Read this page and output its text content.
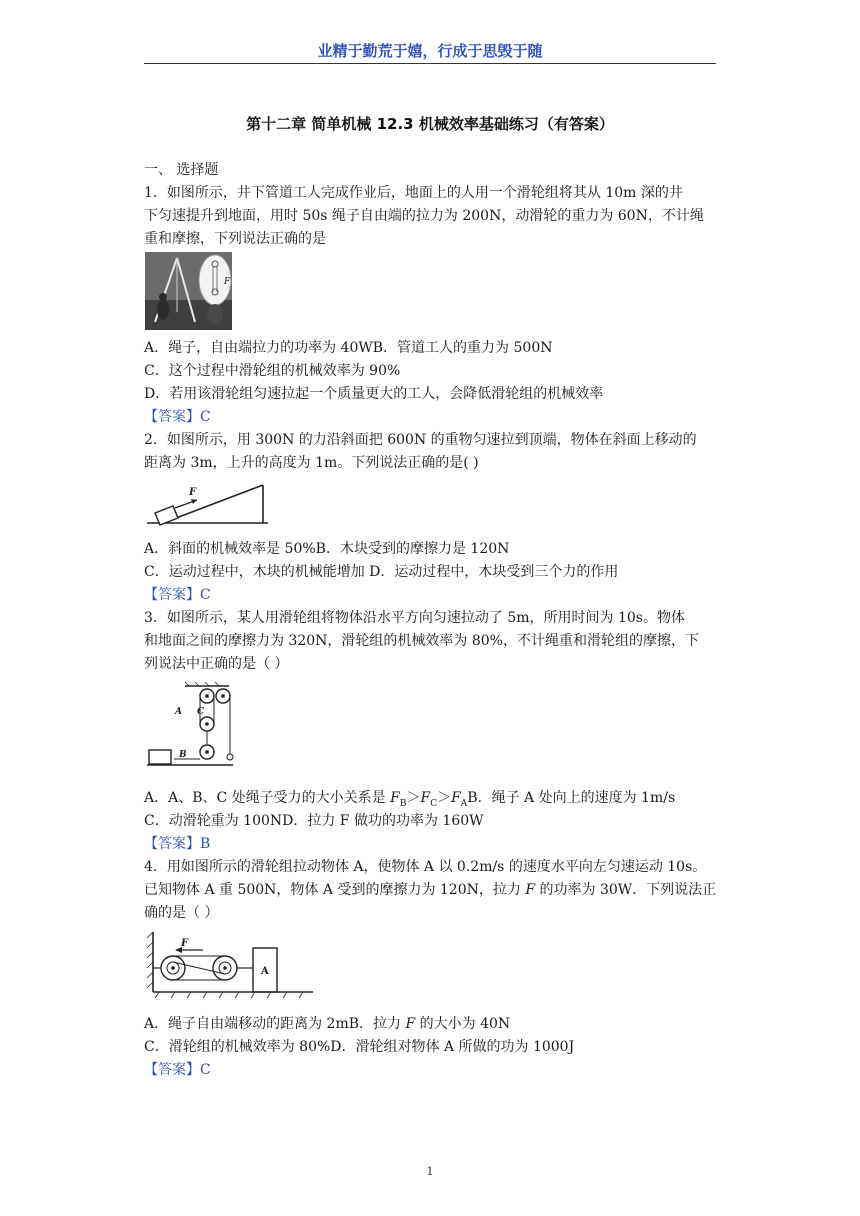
业精于勤荒于嬉，行成于思毁于随
第十二章 简单机械 12.3 机械效率基础练习（有答案）
一、 选择题
1．如图所示，井下管道工人完成作业后，地面上的人用一个滑轮组将其从 10m 深的井
下匀速提升到地面，用时 50s 绳子自由端的拉力为 200N，动滑轮的重力为 60N，不计绳
重和摩擦，下列说法正确的是
F
A．绳子，自由端拉力的功率为 40WB．管道工人的重力为 500N
C．这个过程中滑轮组的机械效率为 90%
D．若用该滑轮组匀速拉起一个质量更大的工人，会降低滑轮组的机械效率
【答案】C
2．如图所示，用 300N 的力沿斜面把 600N 的重物匀速拉到顶端，物体在斜面上移动的
距离为 3m，上升的高度为 1m。下列说法正确的是( )
F
A．斜面的机械效率是 50%B．木块受到的摩擦力是 120N
C．运动过程中，木块的机械能增加 D．运动过程中，木块受到三个力的作用
【答案】C
3．如图所示，某人用滑轮组将物体沿水平方向匀速拉动了 5m，所用时间为 10s。物体
和地面之间的摩擦力为 320N，滑轮组的机械效率为 80%，不计绳重和滑轮组的摩擦，下
列说法中正确的是（ ）
A C
B
A．A、B、C 处绳子受力的大小关系是 $F_B>F_C>F_AB$．绳子 A 处向上的速度为 1m/s
C．动滑轮重为 100ND．拉力 F 做功的功率为 160W
【答案】B
4．用如图所示的滑轮组拉动物体 A，使物体 A 以 0.2m/s 的速度水平向左匀速运动 10s。
已知物体 A 重 500N，物体 A 受到的摩擦力为 120N，拉力 F 的功率为 30W．下列说法正
确的是（ ）
F
A
A．绳子自由端移动的距离为 2mB．拉力 F 的大小为 40N
C．滑轮组的机械效率为 80%D．滑轮组对物体 A 所做的功为 1000J
【答案】C
1
